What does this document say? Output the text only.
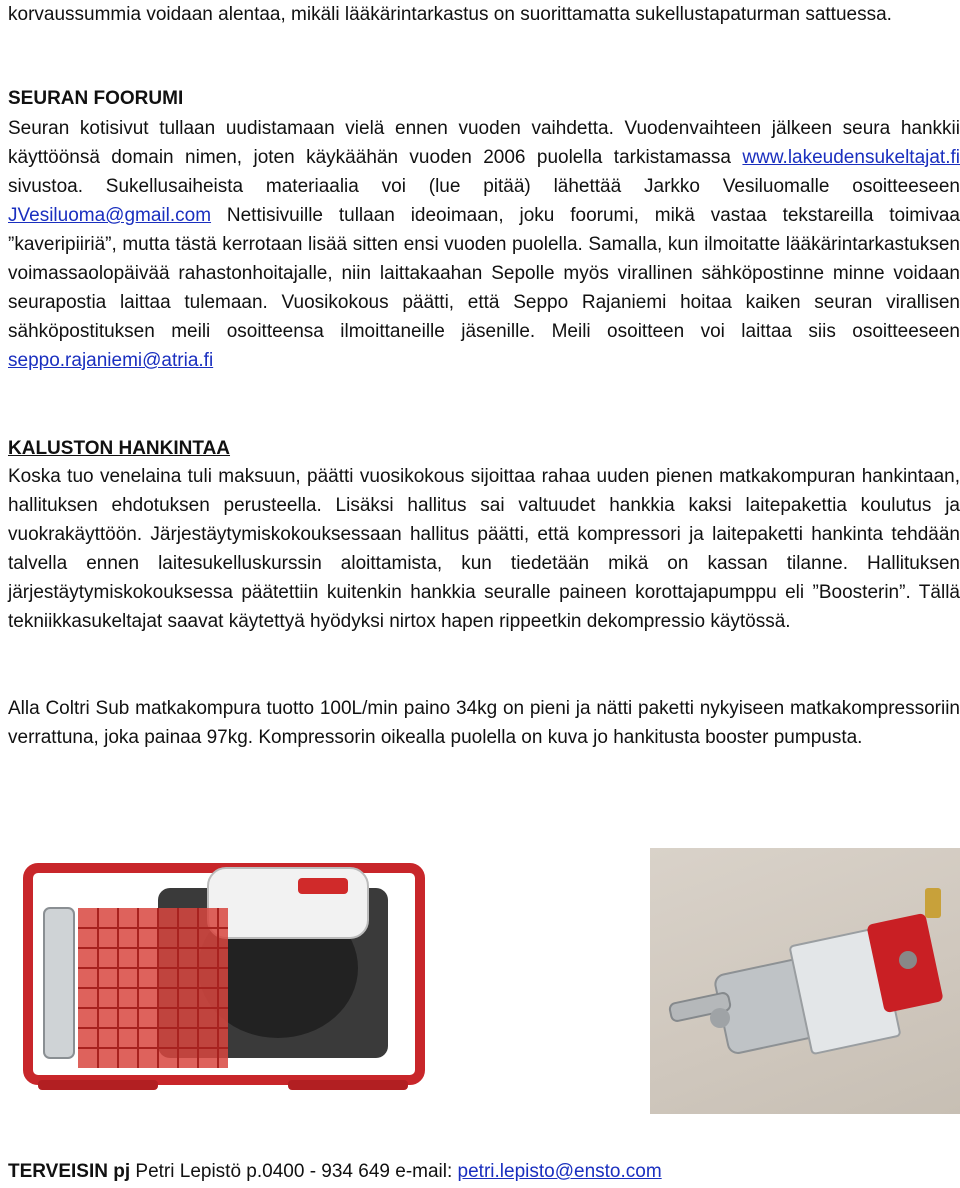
korvaussummia voidaan alentaa, mikäli lääkärintarkastus on suorittamatta sukellustapaturman sattuessa.

SEURAN FOORUMI

Seuran kotisivut tullaan uudistamaan vielä ennen vuoden vaihdetta. Vuodenvaihteen jälkeen seura hankkii käyttöönsä domain nimen, joten käykäähän vuoden 2006 puolella tarkistamassa www.lakeudensukeltajat.fi sivustoa. Sukellusaiheista materiaalia voi (lue pitää) lähettää Jarkko Vesiluomalle osoitteeseen JVesiluoma@gmail.com Nettisivuille tullaan ideoimaan, joku foorumi, mikä vastaa tekstareilla toimivaa ”kaveripiiriä”, mutta tästä kerrotaan lisää sitten ensi vuoden puolella. Samalla, kun ilmoitatte lääkärintarkastuksen voimassaolopäivää rahastonhoitajalle, niin laittakaahan Sepolle myös virallinen sähköpostinne minne voidaan seurapostia laittaa tulemaan. Vuosikokous päätti, että Seppo Rajaniemi hoitaa kaiken seuran virallisen sähköpostituksen meili osoitteensa ilmoittaneille jäsenille. Meili osoitteen voi laittaa siis osoitteeseen seppo.rajaniemi@atria.fi

KALUSTON HANKINTAA

Koska tuo venelaina tuli maksuun, päätti vuosikokous sijoittaa rahaa uuden pienen matkakompuran hankintaan, hallituksen ehdotuksen perusteella. Lisäksi hallitus sai valtuudet hankkia kaksi laitepakettia koulutus ja vuokrakäyttöön. Järjestäytymiskokouksessaan hallitus päätti, että kompressori ja laitepaketti hankinta tehdään talvella ennen laitesukelluskurssin aloittamista, kun tiedetään mikä on kassan tilanne. Hallituksen järjestäytymiskokouksessa päätettiin kuitenkin hankkia seuralle paineen korottajapumppu eli ”Boosterin”. Tällä tekniikkasukeltajat saavat käytettyä hyödyksi nirtox hapen rippeetkin dekompressio käytössä.

Alla Coltri Sub matkakompura tuotto 100L/min paino 34kg on pieni ja nätti paketti nykyiseen matkakompressoriin verrattuna, joka painaa 97kg. Kompressorin oikealla puolella on kuva jo hankitusta booster pumpusta.

TERVEISIN pj Petri Lepistö p.0400 - 934 649 e-mail: petri.lepisto@ensto.com
